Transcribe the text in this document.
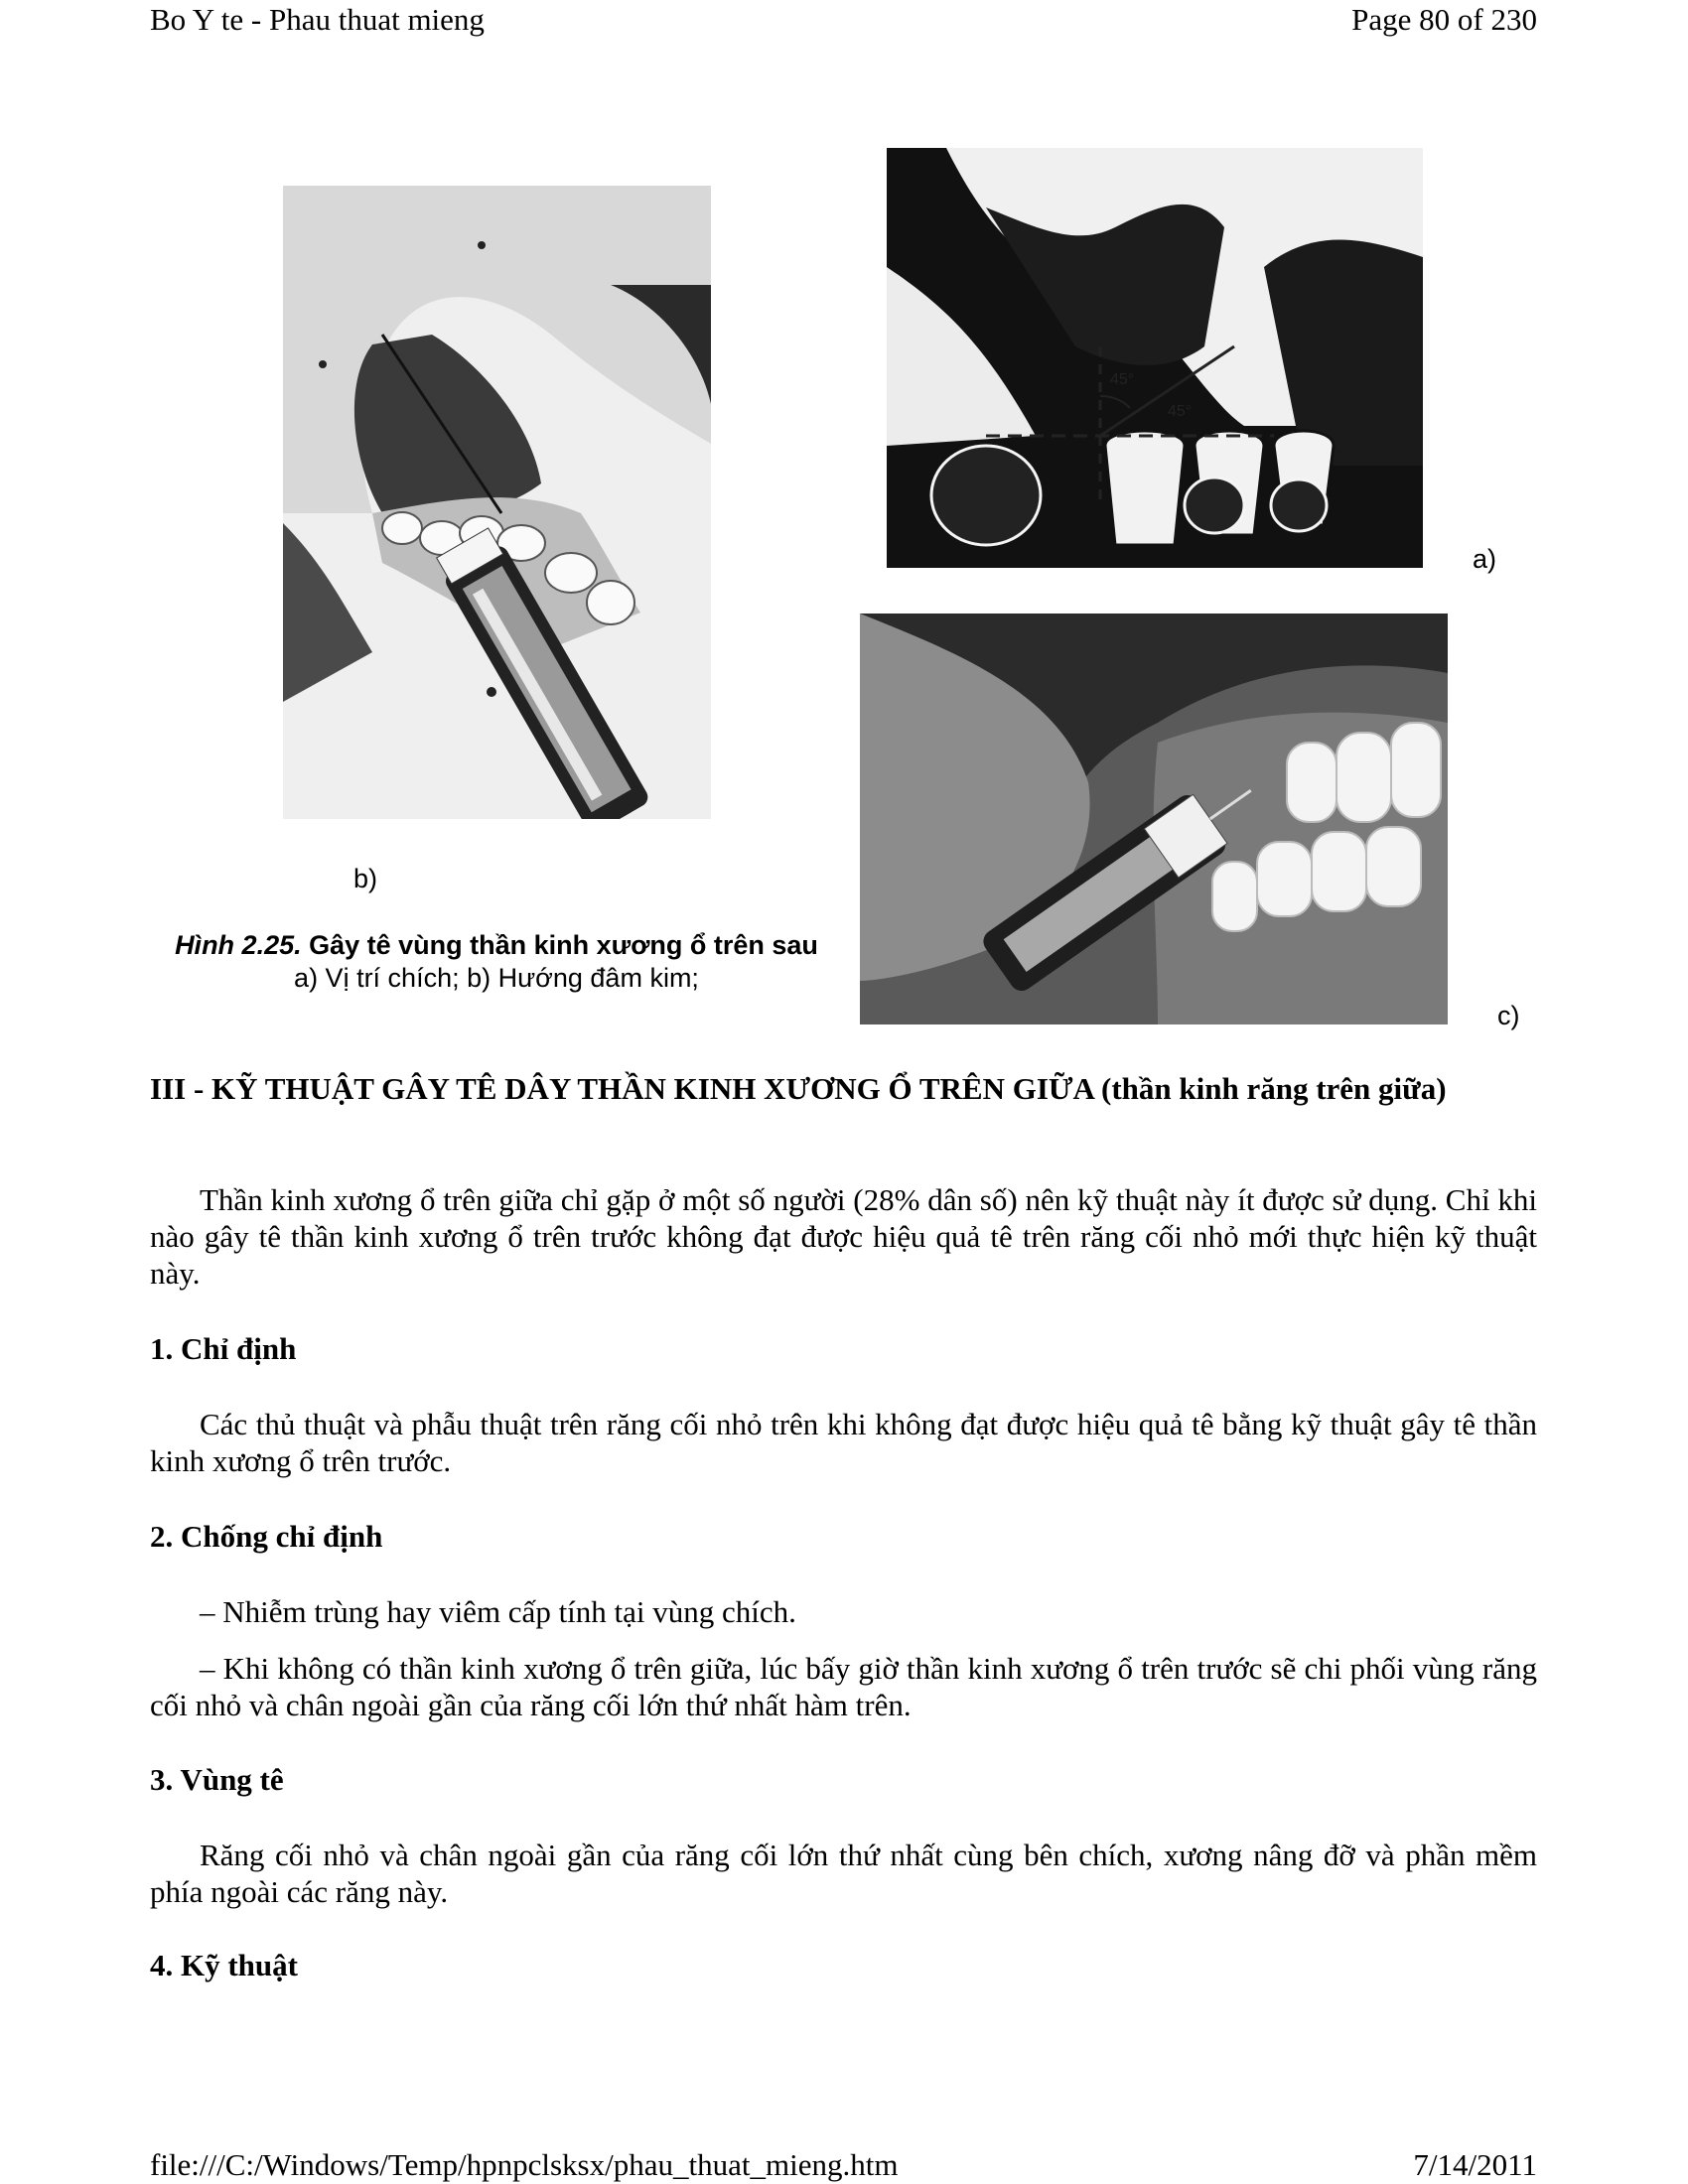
Bo Y te - Phau thuat mieng	Page 80 of 230
45°
45°
a)
b)
c)
Hình 2.25. Gây tê vùng thần kinh xương ổ trên sau
a) Vị trí chích; b) Hướng đâm kim;
III - KỸ THUẬT GÂY TÊ DÂY THẦN KINH XƯƠNG Ổ TRÊN GIỮA (thần kinh răng trên giữa)
Thần kinh xương ổ trên giữa chỉ gặp ở một số người (28% dân số) nên kỹ thuật này ít được sử dụng. Chỉ khi nào gây tê thần kinh xương ổ trên trước không đạt được hiệu quả tê trên răng cối nhỏ mới thực hiện kỹ thuật này.
1. Chỉ định
Các thủ thuật và phẫu thuật trên răng cối nhỏ trên khi không đạt được hiệu quả tê bằng kỹ thuật gây tê thần kinh xương ổ trên trước.
2. Chống chỉ định
– Nhiễm trùng hay viêm cấp tính tại vùng chích.
– Khi không có thần kinh xương ổ trên giữa, lúc bấy giờ thần kinh xương ổ trên trước sẽ chi phối vùng răng cối nhỏ và chân ngoài gần của răng cối lớn thứ nhất hàm trên.
3. Vùng tê
Răng cối nhỏ và chân ngoài gần của răng cối lớn thứ nhất cùng bên chích, xương nâng đỡ và phần mềm phía ngoài các răng này.
4. Kỹ thuật
file:///C:/Windows/Temp/hpnpclsksx/phau_thuat_mieng.htm	7/14/2011
